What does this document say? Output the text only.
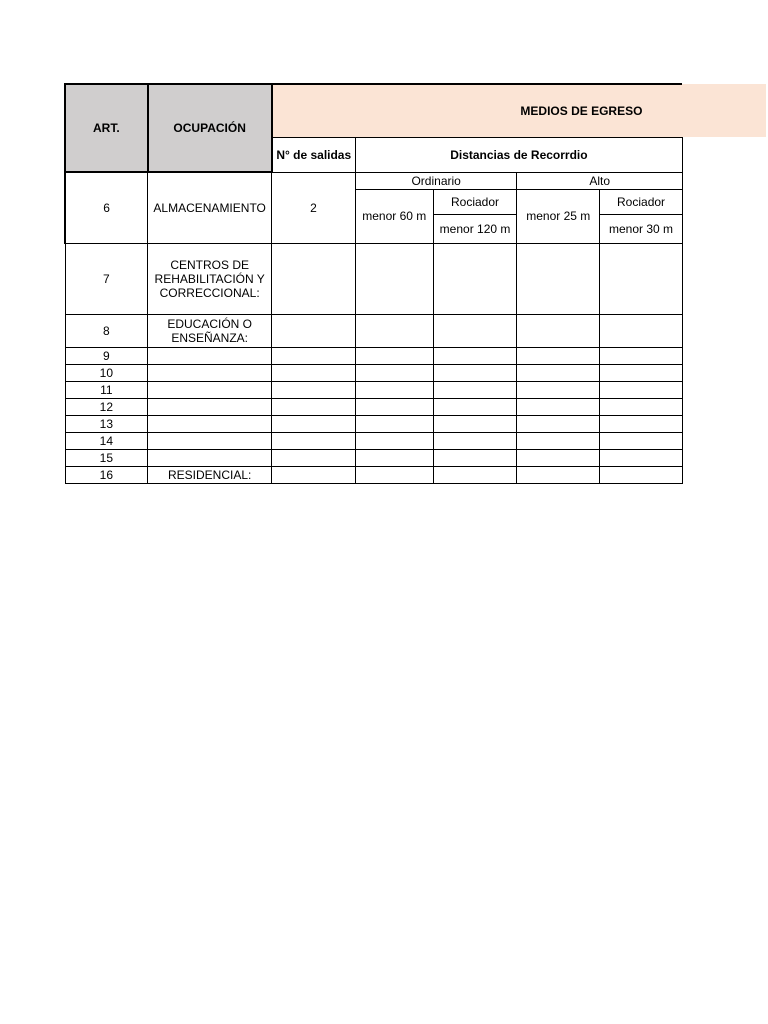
ART.	OCUPACIÓN	MEDIOS DE EGRESO					
		N° de salidas	Distancias de Recorrdio				
6	ALMACENAMIENTO	2	Ordinario		Alto		
			menor 60 m	Rociador	menor 25 m	Rociador	
				menor 120 m		menor 30 m	
7	CENTROS DE REHABILITACIÓN Y CORRECCIONAL:						
8	EDUCACIÓN O ENSEÑANZA:						
9							
10							
11							
12							
13							
14							
15							
16	RESIDENCIAL:						
